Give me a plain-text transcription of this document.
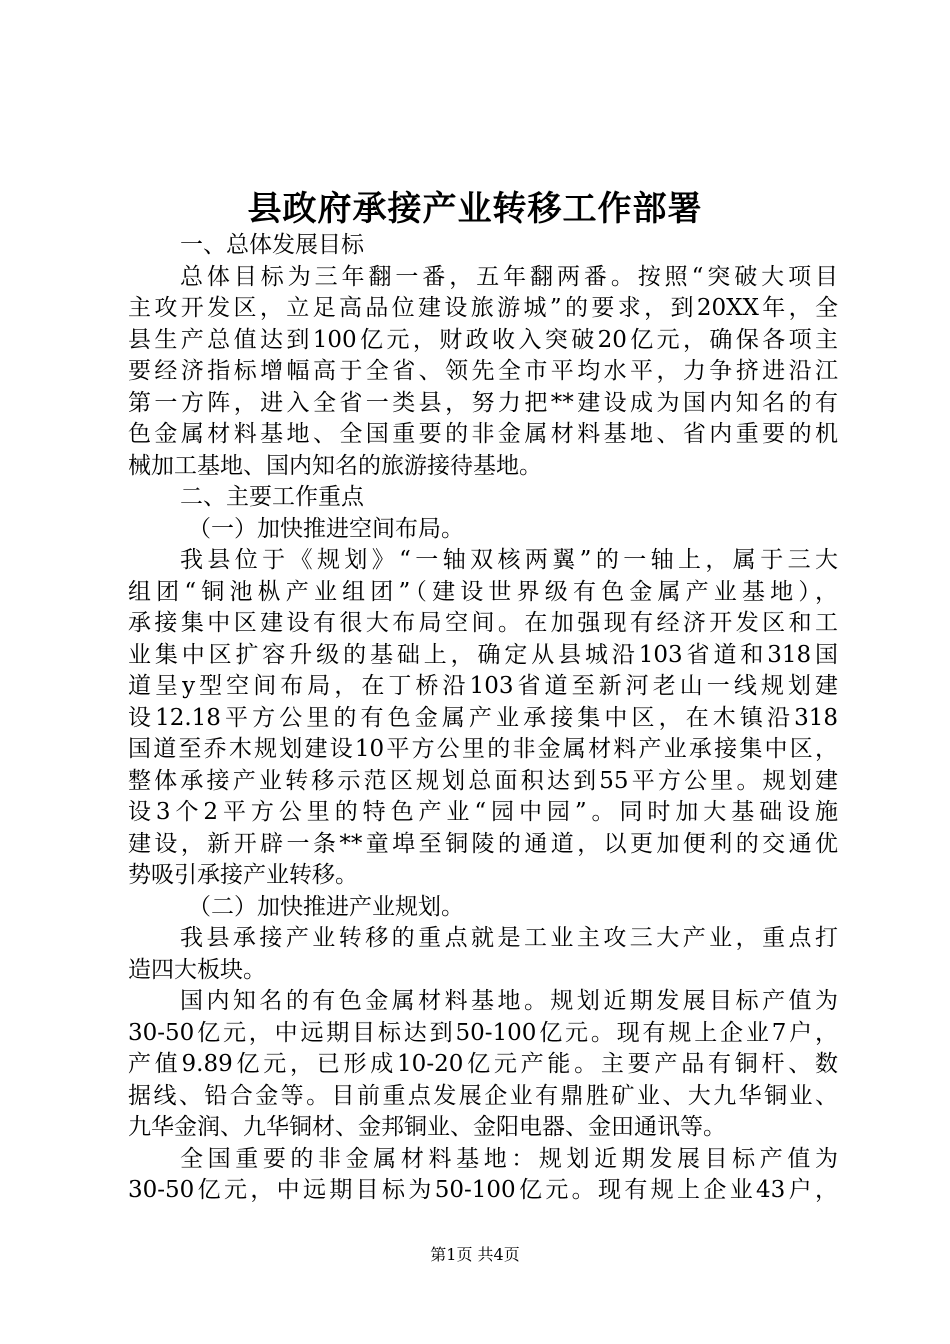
县政府承接产业转移工作部署
一、总体发展目标
总体目标为三年翻一番，五年翻两番。按照“突破大项目
主攻开发区，立足高品位建设旅游城”的要求，到20XX年，全
县生产总值达到100亿元，财政收入突破20亿元，确保各项主
要经济指标增幅高于全省、领先全市平均水平，力争挤进沿江
第一方阵，进入全省一类县，努力把**建设成为国内知名的有
色金属材料基地、全国重要的非金属材料基地、省内重要的机
械加工基地、国内知名的旅游接待基地。
二、主要工作重点
（一）加快推进空间布局。
我县位于《规划》“一轴双核两翼”的一轴上，属于三大
组团“铜池枞产业组团”（建设世界级有色金属产业基地），
承接集中区建设有很大布局空间。在加强现有经济开发区和工
业集中区扩容升级的基础上，确定从县城沿103省道和318国
道呈y型空间布局，在丁桥沿103省道至新河老山一线规划建
设12.18平方公里的有色金属产业承接集中区，在木镇沿318
国道至乔木规划建设10平方公里的非金属材料产业承接集中区，
整体承接产业转移示范区规划总面积达到55平方公里。规划建
设3个2平方公里的特色产业“园中园”。同时加大基础设施
建设，新开辟一条**童埠至铜陵的通道，以更加便利的交通优
势吸引承接产业转移。
（二）加快推进产业规划。
我县承接产业转移的重点就是工业主攻三大产业，重点打
造四大板块。
国内知名的有色金属材料基地。规划近期发展目标产值为
30-50亿元，中远期目标达到50-100亿元。现有规上企业7户，
产值9.89亿元，已形成10-20亿元产能。主要产品有铜杆、数
据线、铅合金等。目前重点发展企业有鼎胜矿业、大九华铜业、
九华金润、九华铜材、金邦铜业、金阳电器、金田通讯等。
全国重要的非金属材料基地：规划近期发展目标产值为
30-50亿元，中远期目标为50-100亿元。现有规上企业43户，
第1页 共4页
